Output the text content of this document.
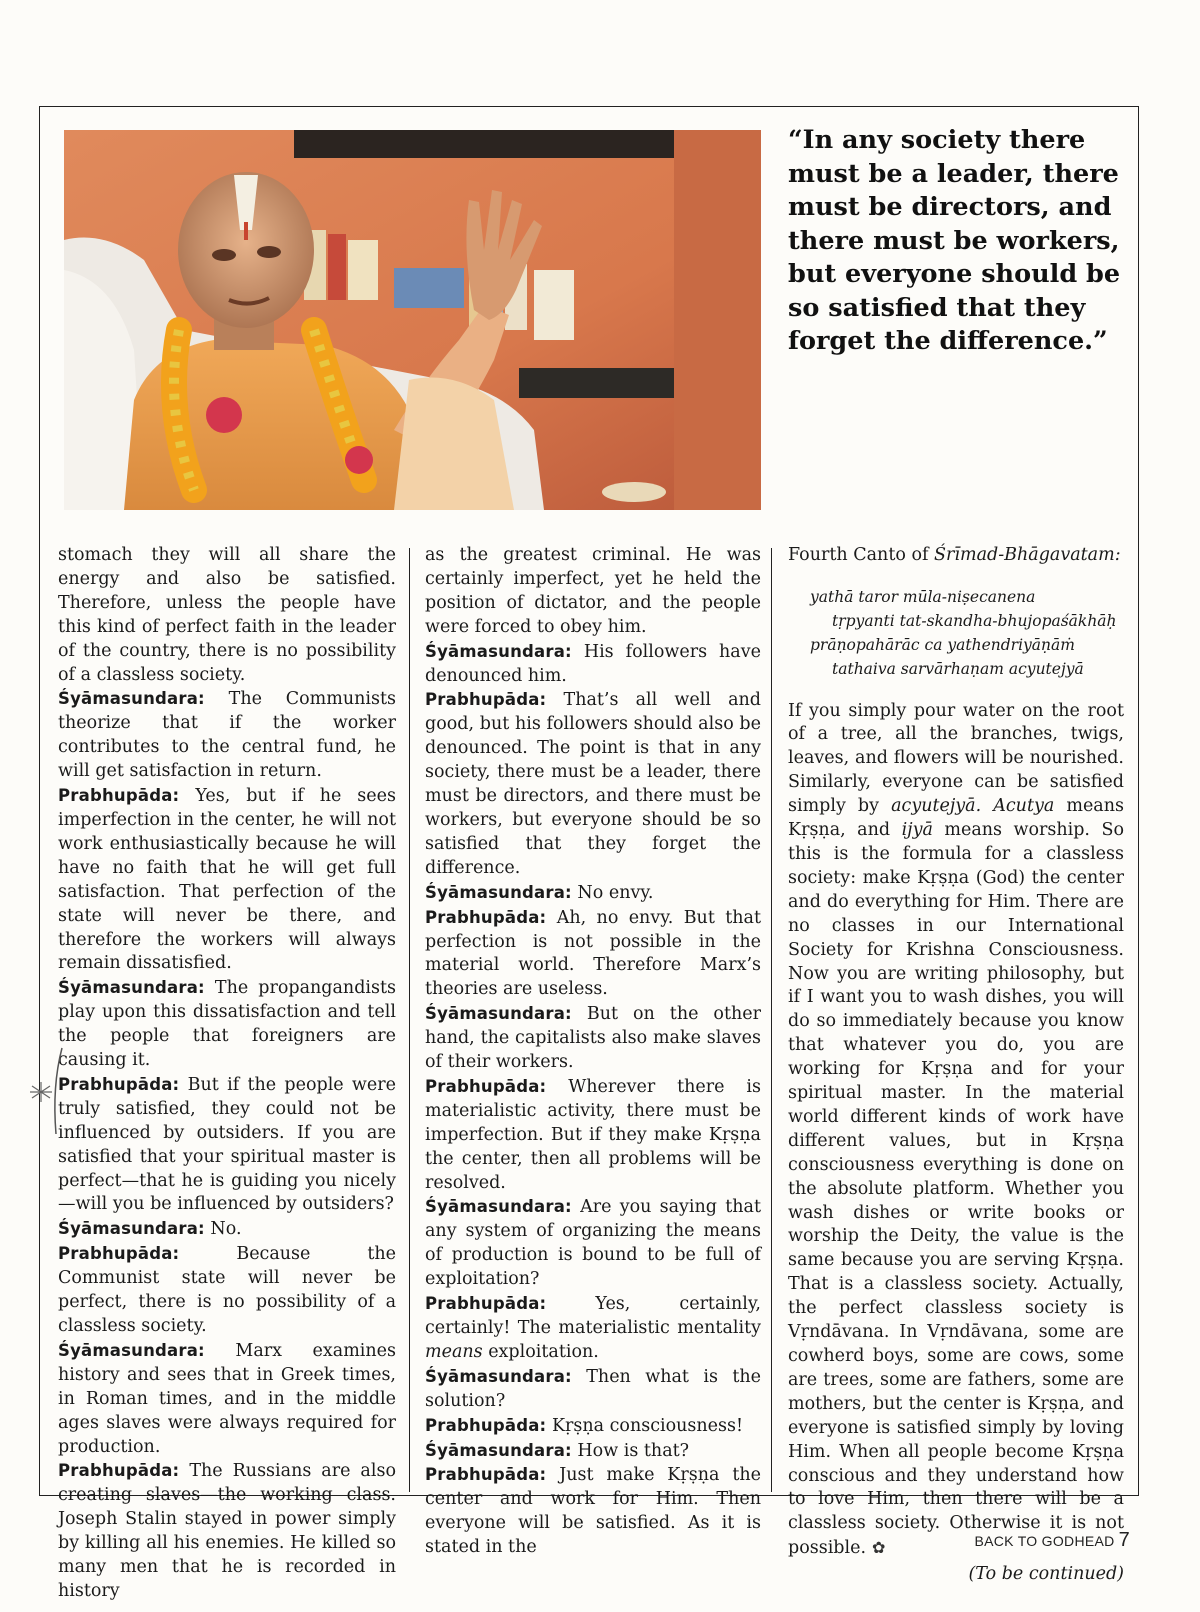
“In any society there must be a leader, there must be directors, and there must be workers, but everyone should be so satisfied that they forget the difference.”

stomach they will all share the energy and also be satisfied. Therefore, unless the people have this kind of perfect faith in the leader of the country, there is no possibility of a classless society.

Śyāmasundara: The Communists theorize that if the worker contributes to the central fund, he will get satisfaction in return.

Prabhupāda: Yes, but if he sees imperfection in the center, he will not work enthusiastically because he will have no faith that he will get full satisfaction. That perfection of the state will never be there, and therefore the workers will always remain dissatisfied.

Śyāmasundara: The propangandists play upon this dissatisfaction and tell the people that foreigners are causing it.

Prabhupāda: But if the people were truly satisfied, they could not be influenced by outsiders. If you are satisfied that your spiritual master is perfect—that he is guiding you nicely—will you be influenced by outsiders?

Śyāmasundara: No.

Prabhupāda:	Because the Communist state will never be perfect, there is no possibility of a classless society.

Śyāmasundara: Marx examines history and sees that in Greek times, in Roman times, and in the middle ages slaves were always required for production.

Prabhupāda: The Russians are also creating slaves—the working class. Joseph Stalin stayed in power simply by killing all his enemies. He killed so many men that he is recorded in history

as the greatest criminal. He was certainly imperfect, yet he held the position of dictator, and the people were forced to obey him.

Śyāmasundara: His followers have denounced him.

Prabhupāda: That’s all well and good, but his followers should also be denounced. The point is that in any society, there must be a leader, there must be directors, and there must be workers, but everyone should be so satisfied that they forget the difference.

Śyāmasundara: No envy.

Prabhupāda: Ah, no envy. But that perfection is not possible in the material world. Therefore Marx’s theories are useless.

Śyāmasundara: But on the other hand, the capitalists also make slaves of their workers.

Prabhupāda: Wherever there is materialistic activity, there must be imperfection. But if they make Kṛṣṇa the center, then all problems will be resolved.

Śyāmasundara: Are you saying that any system of organizing the means of production is bound to be full of exploitation?

Prabhupāda:	Yes, certainly, certainly! The materialistic mentality means exploitation.

Śyāmasundara: Then what is the solution?

Prabhupāda: Kṛṣṇa consciousness!

Śyāmasundara: How is that?

Prabhupāda: Just make Kṛṣṇa the center and work for Him. Then everyone will be satisfied. As it is stated in the

Fourth Canto of Śrīmad-Bhāgavatam:

yathā taror mūla-niṣecanena
tṛpyanti tat-skandha-bhujopaśākhāḥ
prāṇopahārāc ca yathendriyāṇāṁ
tathaiva sarvārhaṇam acyutejyā

If you simply pour water on the root of a tree, all the branches, twigs, leaves, and flowers will be nourished. Similarly, everyone can be satisfied simply by acyutejyā. Acutya means Kṛṣṇa, and ijyā means worship. So this is the formula for a classless society: make Kṛṣṇa (God) the center and do everything for Him. There are no classes in our International Society for Krishna Consciousness. Now you are writing philosophy, but if I want you to wash dishes, you will do so immediately because you know that whatever you do, you are working for Kṛṣṇa and for your spiritual master. In the material world different kinds of work have different values, but in Kṛṣṇa consciousness everything is done on the absolute platform. Whether you wash dishes or write books or worship the Deity, the value is the same because you are serving Kṛṣṇa. That is a classless society. Actually, the perfect classless society is Vṛndāvana. In Vṛndāvana, some are cowherd boys, some are cows, some are trees, some are fathers, some are mothers, but the center is Kṛṣṇa, and everyone is satisfied simply by loving Him. When all people become Kṛṣṇa conscious and they understand how to love Him, then there will be a classless society. Otherwise it is not possible. ✿

(To be continued)

BACK TO GODHEAD 7
